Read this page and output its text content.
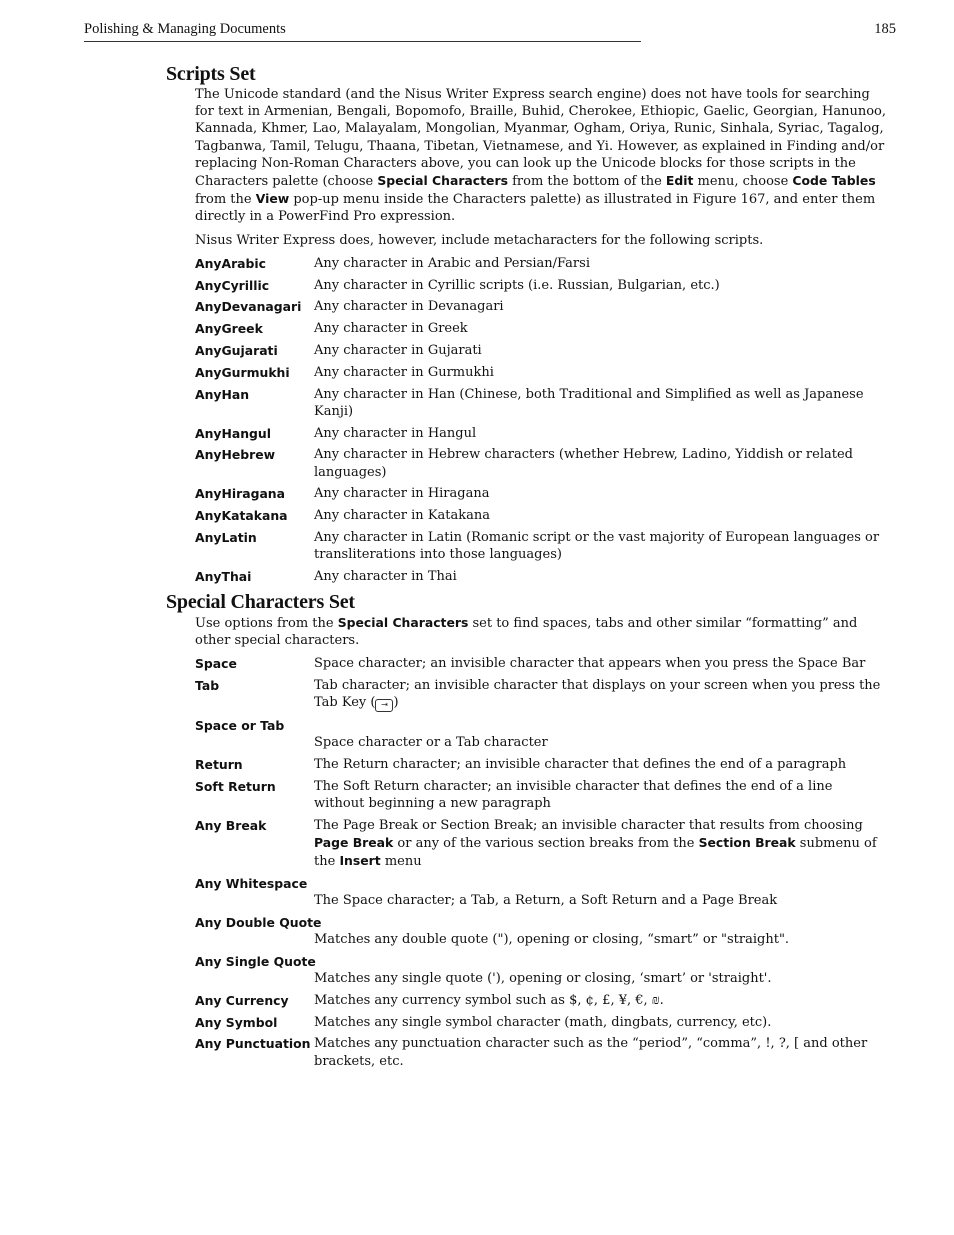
Polishing & Managing Documents	185
Scripts Set

The Unicode standard (and the Nisus Writer Express search engine) does not have tools for searching for text in Armenian, Bengali, Bopomofo, Braille, Buhid, Cherokee, Ethiopic, Gaelic, Georgian, Hanunoo, Kannada, Khmer, Lao, Malayalam, Mongolian, Myanmar, Ogham, Oriya, Runic, Sinhala, Syriac, Tagalog, Tagbanwa, Tamil, Telugu, Thaana, Tibetan, Vietnamese, and Yi. However, as explained in Finding and/or replacing Non-Roman Characters above, you can look up the Unicode blocks for those scripts in the Characters palette (choose Special Characters from the bottom of the Edit menu, choose Code Tables from the View pop-up menu inside the Characters palette) as illustrated in Figure 167, and enter them directly in a PowerFind Pro expression.

Nisus Writer Express does, however, include metacharacters for the following scripts.

AnyArabic	Any character in Arabic and Persian/Farsi
AnyCyrillic	Any character in Cyrillic scripts (i.e. Russian, Bulgarian, etc.)
AnyDevanagari Any character in Devanagari
AnyGreek	Any character in Greek
AnyGujarati	Any character in Gujarati
AnyGurmukhi	Any character in Gurmukhi
AnyHan	Any character in Han (Chinese, both Traditional and Simplified as well as Japanese Kanji)
AnyHangul	Any character in Hangul
AnyHebrew	Any character in Hebrew characters (whether Hebrew, Ladino, Yiddish or related languages)
AnyHiragana	Any character in Hiragana
AnyKatakana	Any character in Katakana
AnyLatin	Any character in Latin (Romanic script or the vast majority of European languages or transliterations into those languages)
AnyThai	Any character in Thai
Special Characters Set

Use options from the Special Characters set to find spaces, tabs and other similar “formatting” and other special characters.

Space	Space character; an invisible character that appears when you press the Space Bar
Tab	Tab character; an invisible character that displays on your screen when you press the Tab Key ( ⇥ )
Space or Tab
Space character or a Tab character
Return	The Return character; an invisible character that defines the end of a paragraph
Soft Return	The Soft Return character; an invisible character that defines the end of a line without beginning a new paragraph
Any Break	The Page Break or Section Break; an invisible character that results from choosing Page Break or any of the various section breaks from the Section Break submenu of the Insert menu
Any Whitespace
The Space character; a Tab, a Return, a Soft Return and a Page Break
Any Double Quote
Matches any double quote ("), opening or closing, “smart” or "straight".
Any Single Quote
Matches any single quote ('), opening or closing, ‘smart’ or 'straight'.
Any Currency	Matches any currency symbol such as $, ¢, £, ¥, €, ₪.
Any Symbol	Matches any single symbol character (math, dingbats, currency, etc).
Any Punctuation Matches any punctuation character such as the “period”, “comma”, !, ?, [ and other brackets, etc.
